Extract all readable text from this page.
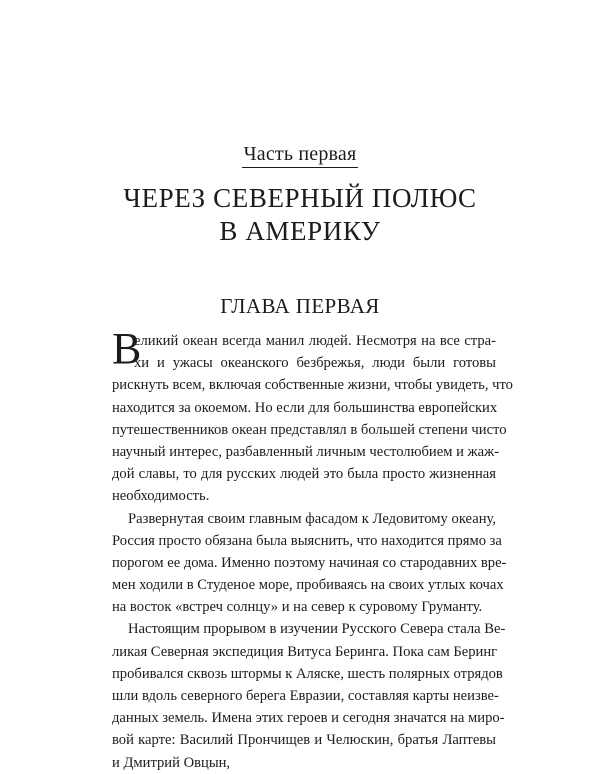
Часть первая
ЧЕРЕЗ СЕВЕРНЫЙ ПОЛЮС
В АМЕРИКУ
ГЛАВА ПЕРВАЯ
В
еликий океан всегда манил людей. Несмотря на все стра-
хи и ужасы океанского безбрежья, люди были готовы
рискнуть всем, включая собственные жизни, чтобы увидеть, что
находится за окоемом. Но если для большинства европейских
путешественников океан представлял в большей степени чисто
научный интерес, разбавленный личным честолюбием и жаж-
дой славы, то для русских людей это была просто жизненная
необходимость.
Развернутая своим главным фасадом к Ледовитому океану,
Россия просто обязана была выяснить, что находится прямо за
порогом ее дома. Именно поэтому начиная со стародавних вре-
мен ходили в Студеное море, пробиваясь на своих утлых кочах
на восток «встреч солнцу» и на север к суровому Груманту.
Настоящим прорывом в изучении Русского Севера стала Ве-
ликая Северная экспедиция Витуса Беринга. Пока сам Беринг
пробивался сквозь штормы к Аляске, шесть полярных отрядов
шли вдоль северного берега Евразии, составляя карты неизве-
данных земель. Имена этих героев и сегодня значатся на миро-
вой карте: Василий Прончищев и Челюскин, братья Лаптевы
и Дмитрий Овцын,
